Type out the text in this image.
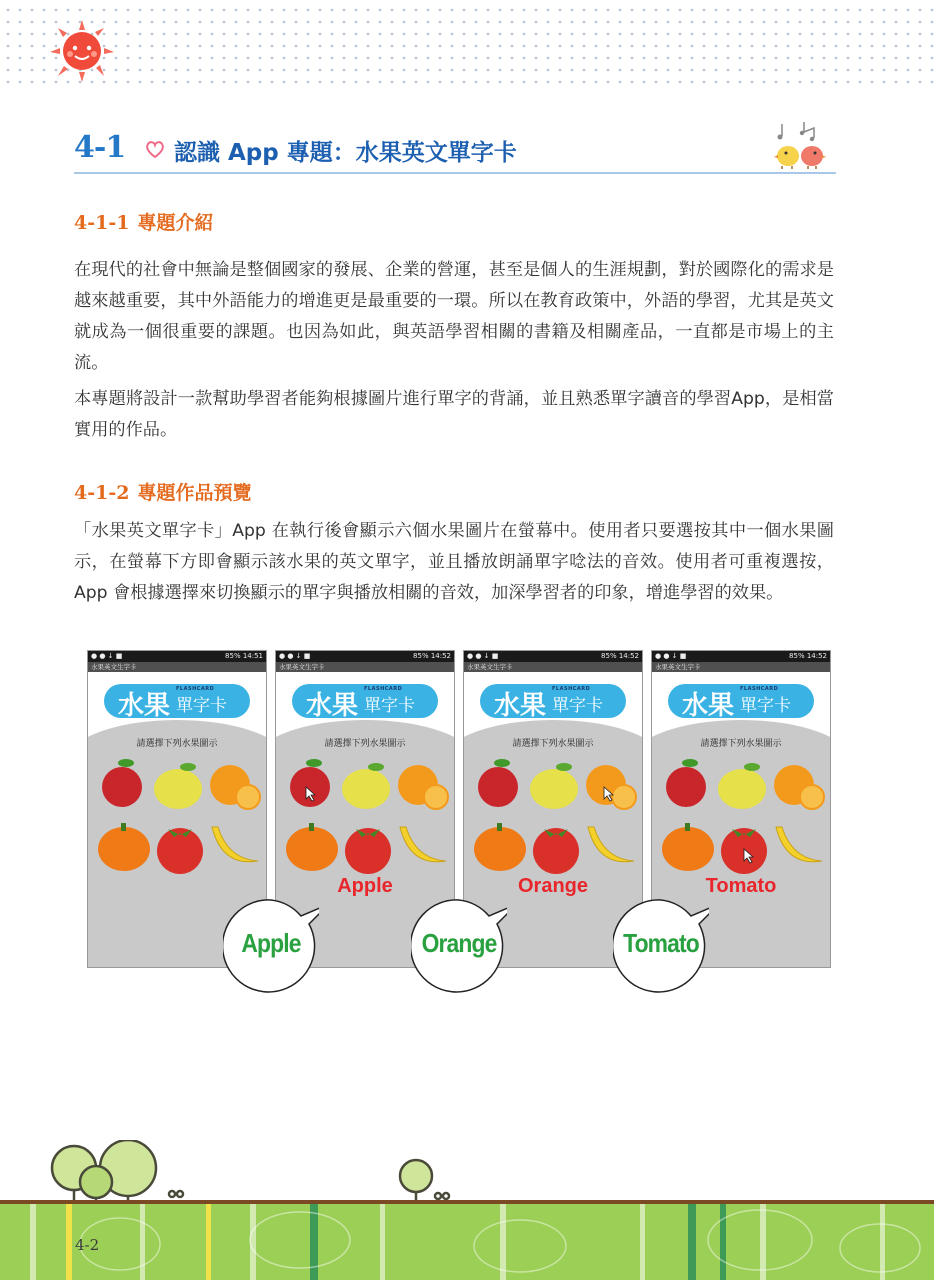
4-1 認識 App 專題：水果英文單字卡
4-1-1 專題介紹

在現代的社會中無論是整個國家的發展、企業的營運，甚至是個人的生涯規劃，對於國際化的需求是越來越重要，其中外語能力的增進更是最重要的一環。所以在教育政策中，外語的學習，尤其是英文就成為一個很重要的課題。也因為如此，與英語學習相關的書籍及相關產品，一直都是市場上的主流。

本專題將設計一款幫助學習者能夠根據圖片進行單字的背誦，並且熟悉單字讀音的學習App，是相當實用的作品。

4-1-2 專題作品預覽

「水果英文單字卡」App 在執行後會顯示六個水果圖片在螢幕中。使用者只要選按其中一個水果圖示，在螢幕下方即會顯示該水果的英文單字，並且播放朗誦單字唸法的音效。使用者可重複選按，App 會根據選擇來切換顯示的單字與播放相關的音效，加深學習者的印象，增進學習的效果。

● ● ↓ ■	85% 14:51
水果英文生字卡
水果
FLASHCARD
單字卡
請選擇下列水果圖示
● ● ↓ ■	85% 14:52
水果英文生字卡
水果
FLASHCARD
單字卡
請選擇下列水果圖示
Apple
● ● ↓ ■	85% 14:52
水果英文生字卡
水果
FLASHCARD
單字卡
請選擇下列水果圖示
Orange
● ● ↓ ■	85% 14:52
水果英文生字卡
水果
FLASHCARD
單字卡
請選擇下列水果圖示
Tomato
Apple	Orange	Tomato
4-2
